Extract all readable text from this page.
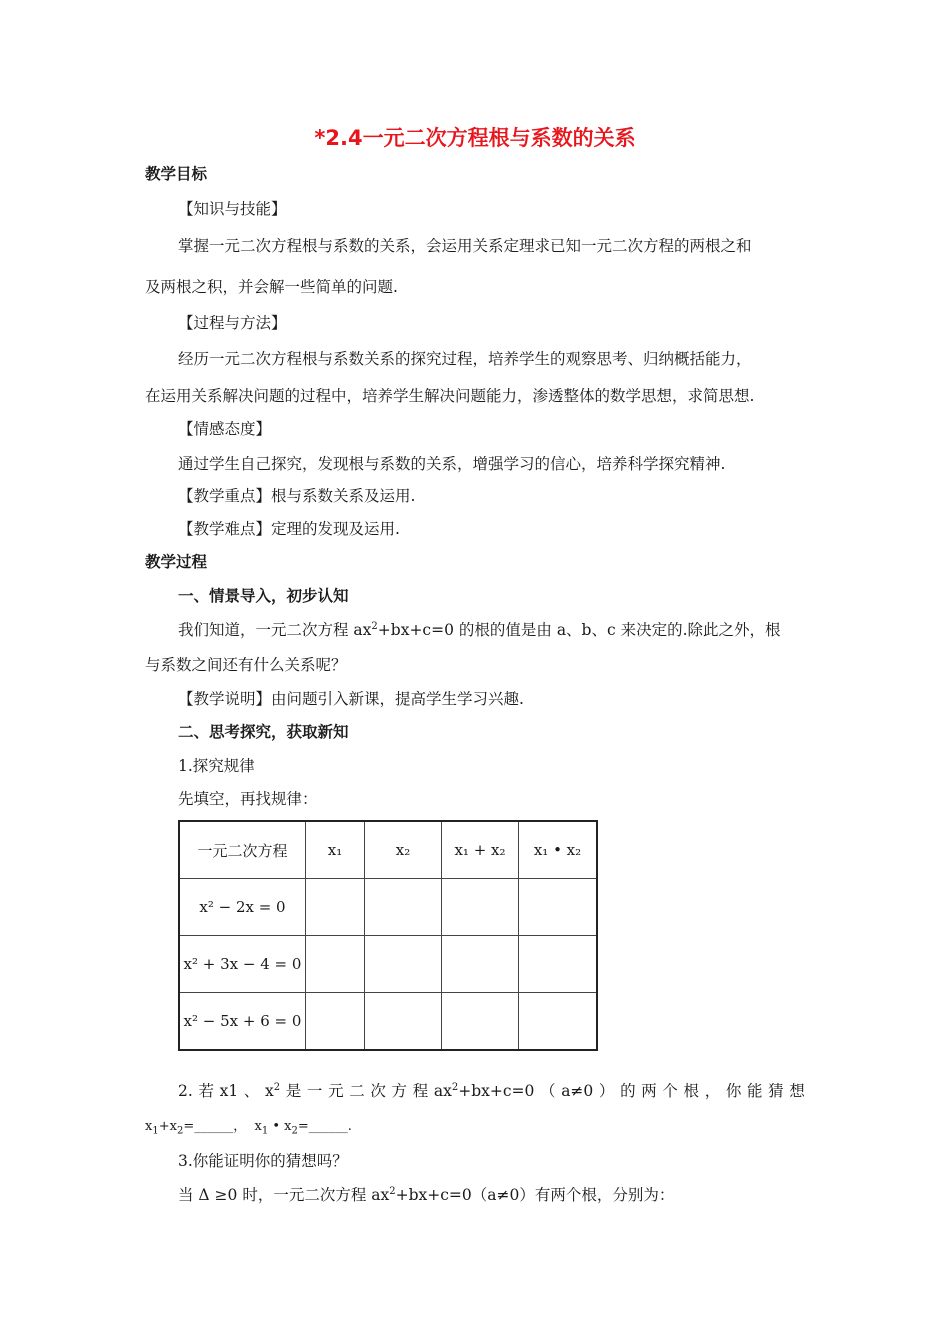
*2.4一元二次方程根与系数的关系
教学目标
【知识与技能】
掌握一元二次方程根与系数的关系，会运用关系定理求已知一元二次方程的两根之和
及两根之积，并会解一些简单的问题.
【过程与方法】
经历一元二次方程根与系数关系的探究过程，培养学生的观察思考、归纳概括能力，
在运用关系解决问题的过程中，培养学生解决问题能力，渗透整体的数学思想，求简思想.
【情感态度】
通过学生自己探究，发现根与系数的关系，增强学习的信心，培养科学探究精神.
【教学重点】根与系数关系及运用.
【教学难点】定理的发现及运用.
教学过程
一、情景导入，初步认知
我们知道，一元二次方程 $ax^2+bx+c=0$ 的根的值是由 a、b、c 来决定的.除此之外，根
与系数之间还有什么关系呢？
【教学说明】由问题引入新课，提高学生学习兴趣.
二、思考探究，获取新知
1.探究规律
先填空，再找规律：
一元二次方程	x₁	x₂	x₁ + x₂	x₁ • x₂
x² − 2x = 0				
x² + 3x − 4 = 0				
x² − 5x + 6 = 0				
2. 若 x1 、 $x^2$ 是 一 元 二 次 方 程 $ax^2+bx+c=0$ （ a≠0 ） 的 两 个 根 ， 你 能 猜 想
$x_1+x_2=\_\_\_\_\_\_$，  $x_1$ • $x_2=\_\_\_\_\_\_$.
3.你能证明你的猜想吗？
当 Δ ≥0 时，一元二次方程 $ax^2+bx+c=0(a\ne 0)$有两个根，分别为：
